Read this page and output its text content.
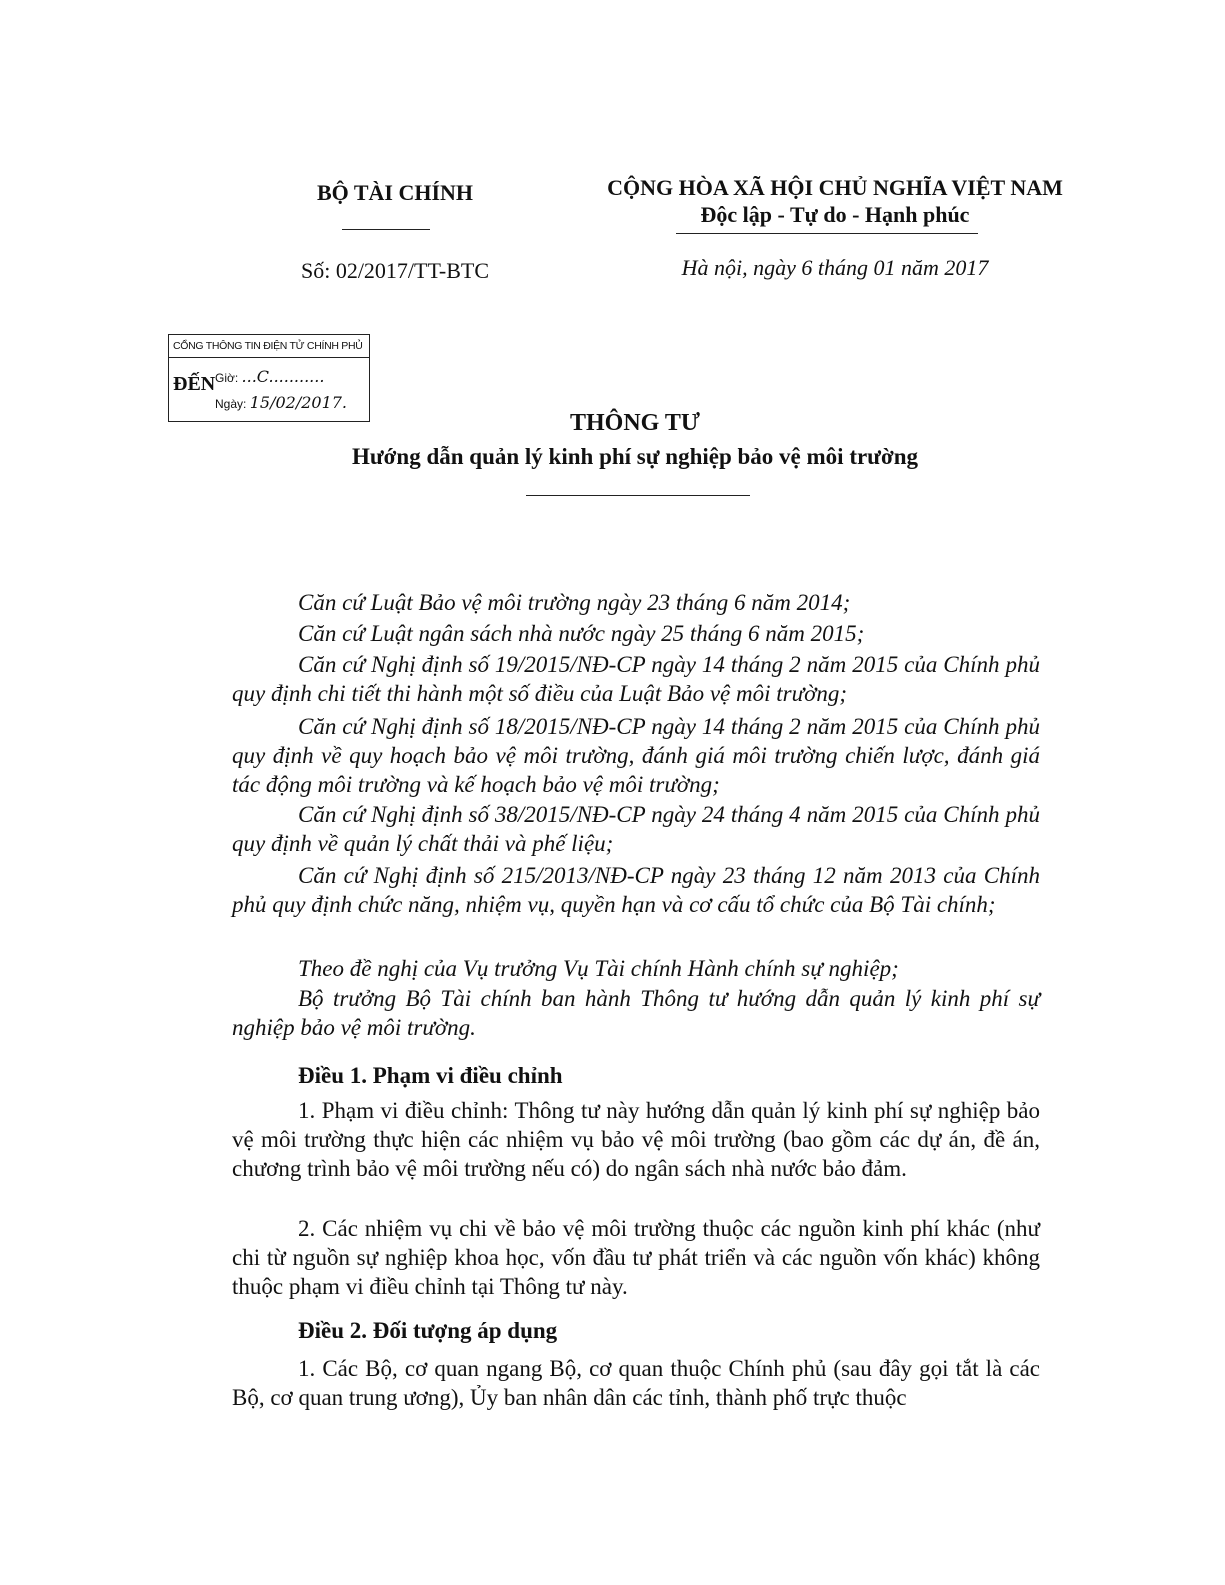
BỘ TÀI CHÍNH
Số: 02/2017/TT-BTC
CỘNG HÒA XÃ HỘI CHỦ NGHĨA VIỆT NAM
Độc lập - Tự do - Hạnh phúc
Hà nội, ngày 6 tháng 01 năm 2017
CỔNG THÔNG TIN ĐIỆN TỬ CHÍNH PHỦ
ĐẾN Giờ: ...C...........
Ngày: 15/02/2017.
THÔNG TƯ
Hướng dẫn quản lý kinh phí sự nghiệp bảo vệ môi trường
Căn cứ Luật Bảo vệ môi trường ngày 23 tháng 6 năm 2014;
Căn cứ Luật ngân sách nhà nước ngày 25 tháng 6 năm 2015;
Căn cứ Nghị định số 19/2015/NĐ-CP ngày 14 tháng 2 năm 2015 của Chính phủ quy định chi tiết thi hành một số điều của Luật Bảo vệ môi trường;
Căn cứ Nghị định số 18/2015/NĐ-CP ngày 14 tháng 2 năm 2015 của Chính phủ quy định về quy hoạch bảo vệ môi trường, đánh giá môi trường chiến lược, đánh giá tác động môi trường và kế hoạch bảo vệ môi trường;
Căn cứ Nghị định số 38/2015/NĐ-CP ngày 24 tháng 4 năm 2015 của Chính phủ quy định về quản lý chất thải và phế liệu;
Căn cứ Nghị định số 215/2013/NĐ-CP ngày 23 tháng 12 năm 2013 của Chính phủ quy định chức năng, nhiệm vụ, quyền hạn và cơ cấu tổ chức của Bộ Tài chính;
Theo đề nghị của Vụ trưởng Vụ Tài chính Hành chính sự nghiệp;
Bộ trưởng Bộ Tài chính ban hành Thông tư hướng dẫn quản lý kinh phí sự nghiệp bảo vệ môi trường.
Điều 1. Phạm vi điều chỉnh
1. Phạm vi điều chỉnh: Thông tư này hướng dẫn quản lý kinh phí sự nghiệp bảo vệ môi trường thực hiện các nhiệm vụ bảo vệ môi trường (bao gồm các dự án, đề án, chương trình bảo vệ môi trường nếu có) do ngân sách nhà nước bảo đảm.
2. Các nhiệm vụ chi về bảo vệ môi trường thuộc các nguồn kinh phí khác (như chi từ nguồn sự nghiệp khoa học, vốn đầu tư phát triển và các nguồn vốn khác) không thuộc phạm vi điều chỉnh tại Thông tư này.
Điều 2. Đối tượng áp dụng
1. Các Bộ, cơ quan ngang Bộ, cơ quan thuộc Chính phủ (sau đây gọi tắt là các Bộ, cơ quan trung ương), Ủy ban nhân dân các tỉnh, thành phố trực thuộc
